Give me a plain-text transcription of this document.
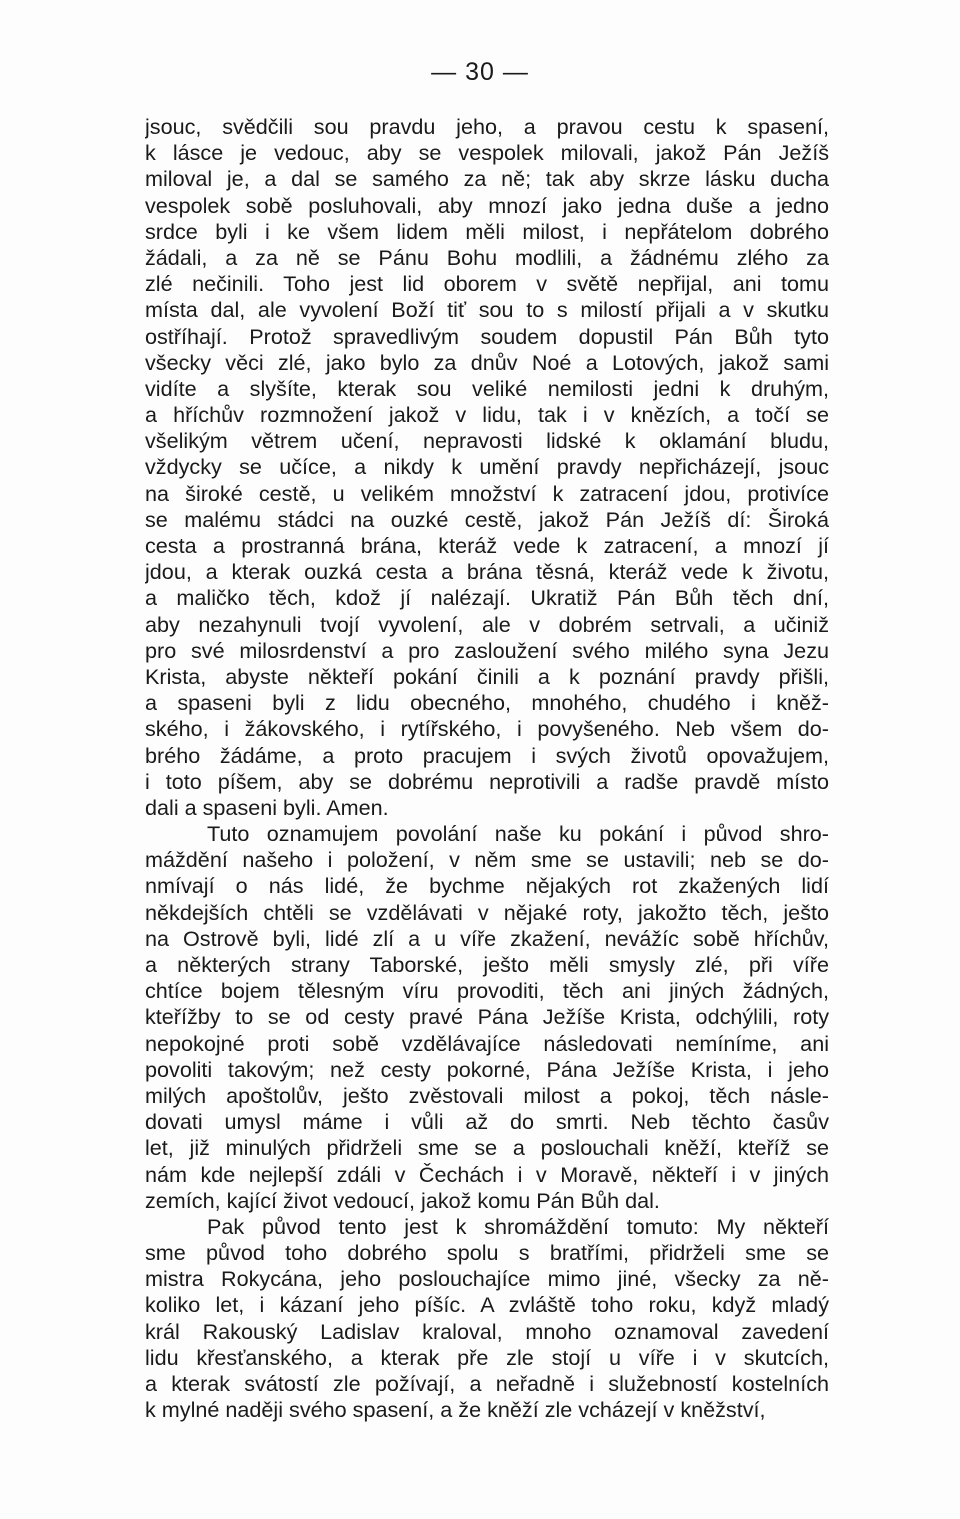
— 30 —
jsouc, svědčili sou pravdu jeho, a pravou cestu k spasení,
k lásce je vedouc, aby se vespolek milovali, jakož Pán Ježíš
miloval je, a dal se samého za ně; tak aby skrze lásku ducha
vespolek sobě posluhovali, aby mnozí jako jedna duše a jedno
srdce byli i ke všem lidem měli milost, i nepřátelom dobrého
žádali, a za ně se Pánu Bohu modlili, a žádnému zlého za
zlé nečinili. Toho jest lid oborem v světě nepřijal, ani tomu
místa dal, ale vyvolení Boží tiť sou to s milostí přijali a v skutku
ostříhají. Protož spravedlivým soudem dopustil Pán Bůh tyto
všecky věci zlé, jako bylo za dnův Noé a Lotových, jakož sami
vidíte a slyšíte, kterak sou veliké nemilosti jedni k druhým,
a hříchův rozmnožení jakož v lidu, tak i v knězích, a točí se
všelikým větrem učení, nepravosti lidské k oklamání bludu,
vždycky se učíce, a nikdy k umění pravdy nepřicházejí, jsouc
na široké cestě, u velikém množství k zatracení jdou, protivíce
se malému stádci na ouzké cestě, jakož Pán Ježíš dí: Široká
cesta a prostranná brána, kteráž vede k zatracení, a mnozí jí
jdou, a kterak ouzká cesta a brána těsná, kteráž vede k životu,
a maličko těch, kdož jí nalézají. Ukratiž Pán Bůh těch dní,
aby nezahynuli tvojí vyvolení, ale v dobrém setrvali, a učiniž
pro své milosrdenství a pro zasloužení svého milého syna Jezu
Krista, abyste někteří pokání činili a k poznání pravdy přišli,
a spaseni byli z lidu obecného, mnohého, chudého i kněž-
ského, i žákovského, i rytířského, i povyšeného. Neb všem do-
brého žádáme, a proto pracujem i svých životů opovažujem,
i toto píšem, aby se dobrému neprotivili a radše pravdě místo
dali a spaseni byli. Amen.
Tuto oznamujem povolání naše ku pokání i původ shro-
máždění našeho i položení, v něm sme se ustavili; neb se do-
nmívají o nás lidé, že bychme nějakých rot zkažených lidí
někdejších chtěli se vzdělávati v nějaké roty, jakožto těch, ješto
na Ostrově byli, lidé zlí a u víře zkažení, nevážíc sobě hříchův,
a některých strany Taborské, ješto měli smysly zlé, při víře
chtíce bojem tělesným víru provoditi, těch ani jiných žádných,
kteřížby to se od cesty pravé Pána Ježíše Krista, odchýlili, roty
nepokojné proti sobě vzdělávajíce následovati nemíníme, ani
povoliti takovým; než cesty pokorné, Pána Ježíše Krista, i jeho
milých apoštolův, ješto zvěstovali milost a pokoj, těch násle-
dovati umysl máme i vůli až do smrti. Neb těchto časův
let, již minulých přidrželi sme se a poslouchali kněží, kteříž se
nám kde nejlepší zdáli v Čechách i v Moravě, někteří i v jiných
zemích, kající život vedoucí, jakož komu Pán Bůh dal.
Pak původ tento jest k shromáždění tomuto: My někteří
sme původ toho dobrého spolu s bratřími, přidrželi sme se
mistra Rokycána, jeho poslouchajíce mimo jiné, všecky za ně-
koliko let, i kázaní jeho píšíc. A zvláště toho roku, když mladý
král Rakouský Ladislav kraloval, mnoho oznamoval zavedení
lidu křesťanského, a kterak pře zle stojí u víře i v skutcích,
a kterak svátostí zle požívají, a neřadně i služebností kostelních
k mylné naději svého spasení, a že kněží zle vcházejí v kněžství,
